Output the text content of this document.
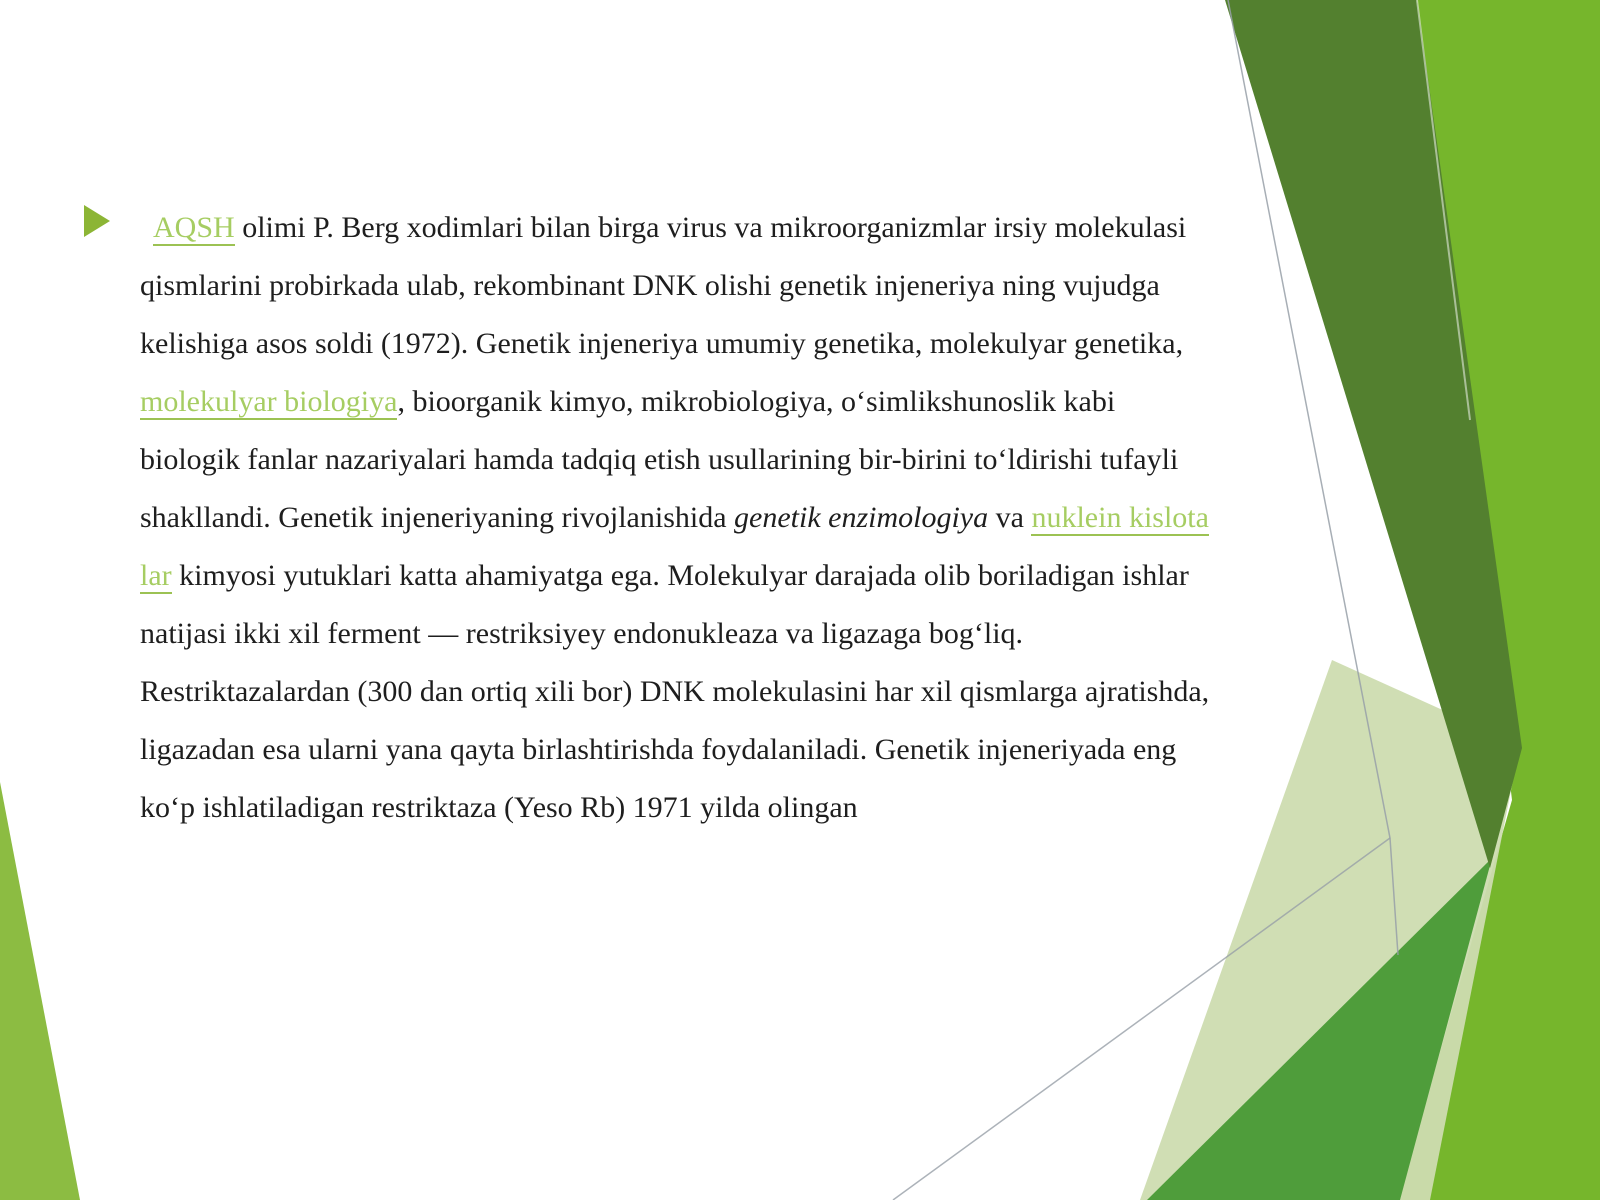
AQSH olimi P. Berg xodimlari bilan birga virus va mikroorganizmlar irsiy molekulasi
qismlarini probirkada ulab, rekombinant DNK olishi genetik injeneriya ning vujudga
kelishiga asos soldi (1972). Genetik injeneriya umumiy genetika, molekulyar genetika,
molekulyar biologiya, bioorganik kimyo, mikrobiologiya, o‘simlikshunoslik kabi
biologik fanlar nazariyalari hamda tadqiq etish usullarining bir-birini to‘ldirishi tufayli
shakllandi. Genetik injeneriyaning rivojlanishida genetik enzimologiya va nuklein kislota
lar kimyosi yutuklari katta ahamiyatga ega. Molekulyar darajada olib boriladigan ishlar
natijasi ikki xil ferment — restriksiyey endonukleaza va ligazaga bog‘liq.
Restriktazalardan (300 dan ortiq xili bor) DNK molekulasini har xil qismlarga ajratishda,
ligazadan esa ularni yana qayta birlashtirishda foydalaniladi. Genetik injeneriyada eng
ko‘p ishlatiladigan restriktaza (Yeso Rb) 1971 yilda olingan
